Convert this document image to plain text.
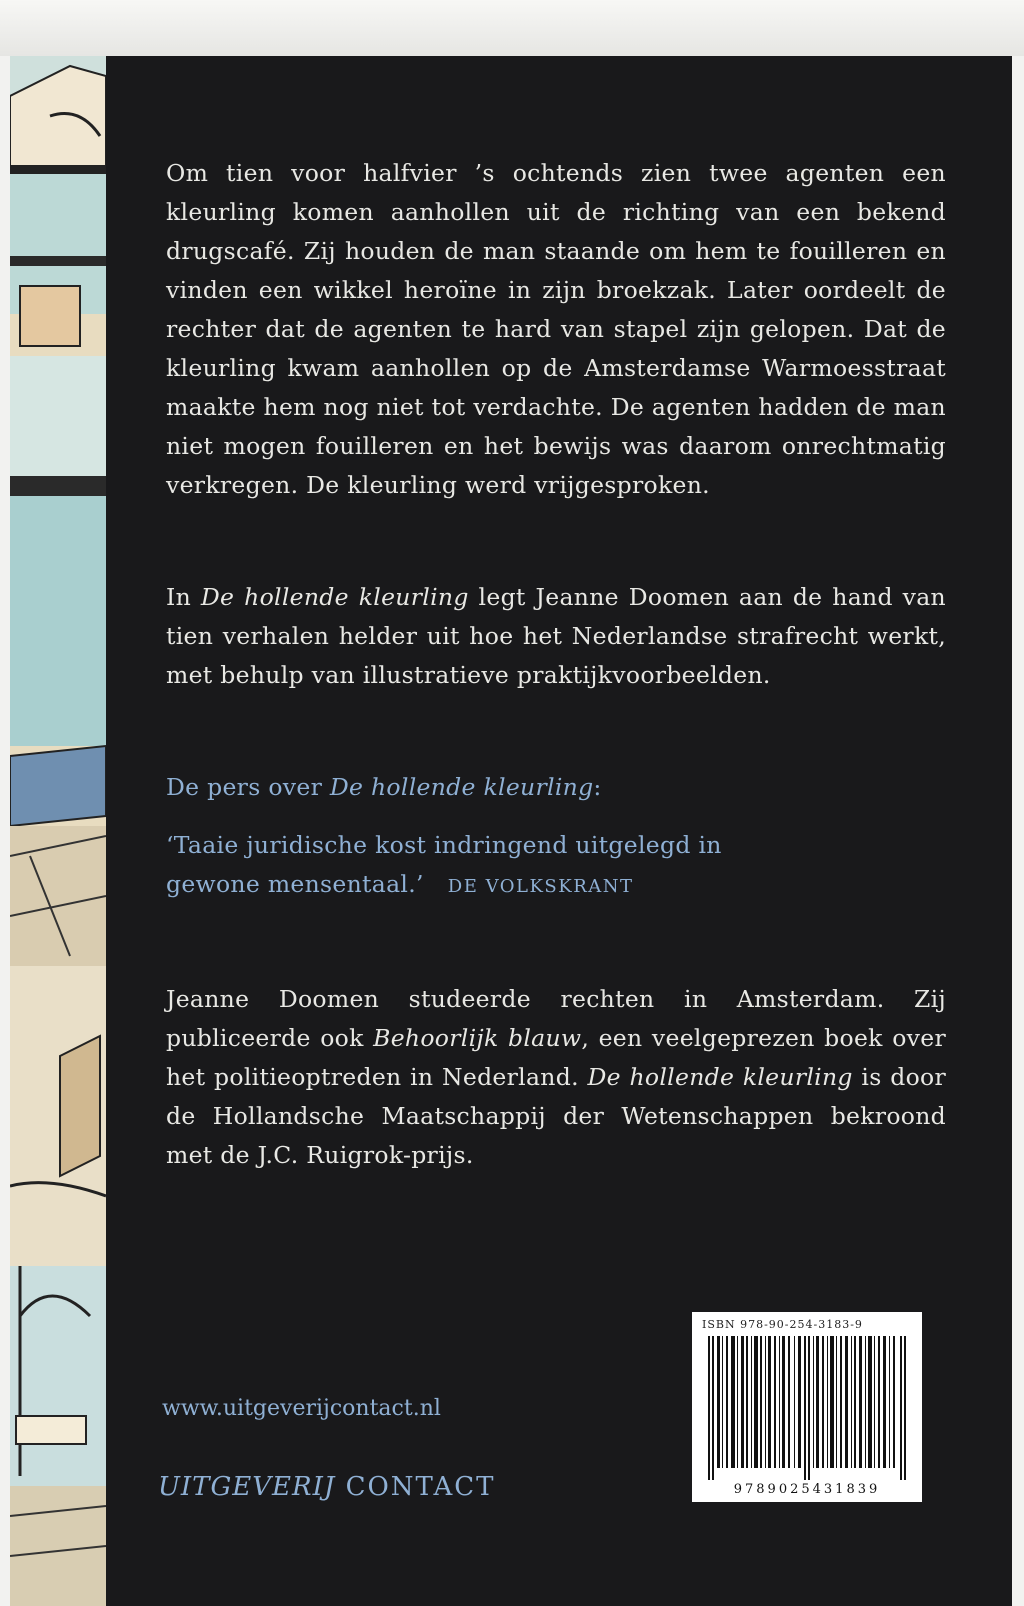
Om tien voor halfvier ’s ochtends zien twee agenten een kleurling komen aanhollen uit de richting van een bekend drugscafé. Zij houden de man staande om hem te fouilleren en vinden een wikkel heroïne in zijn broekzak. Later oordeelt de rechter dat de agenten te hard van stapel zijn gelopen. Dat de kleurling kwam aanhollen op de Amsterdamse Warmoesstraat maakte hem nog niet tot verdachte. De agenten hadden de man niet mogen fouilleren en het bewijs was daarom onrechtmatig verkregen. De kleurling werd vrijgesproken.

In De hollende kleurling legt Jeanne Doomen aan de hand van tien verhalen helder uit hoe het Nederlandse strafrecht werkt, met behulp van illustratieve praktijkvoorbeelden.

De pers over De hollende kleurling:

‘Taaie juridische kost indringend uitgelegd in gewone mensentaal.’ DE VOLKSKRANT

Jeanne Doomen studeerde rechten in Amsterdam. Zij publiceerde ook Behoorlijk blauw, een veelgeprezen boek over het politieoptreden in Nederland. De hollende kleurling is door de Hollandsche Maatschappij der Wetenschappen bekroond met de J.C. Ruigrok-prijs.

ISBN 978-90-254-3183-9
9789025431839
www.uitgeverijcontact.nl
UITGEVERIJ CONTACT
